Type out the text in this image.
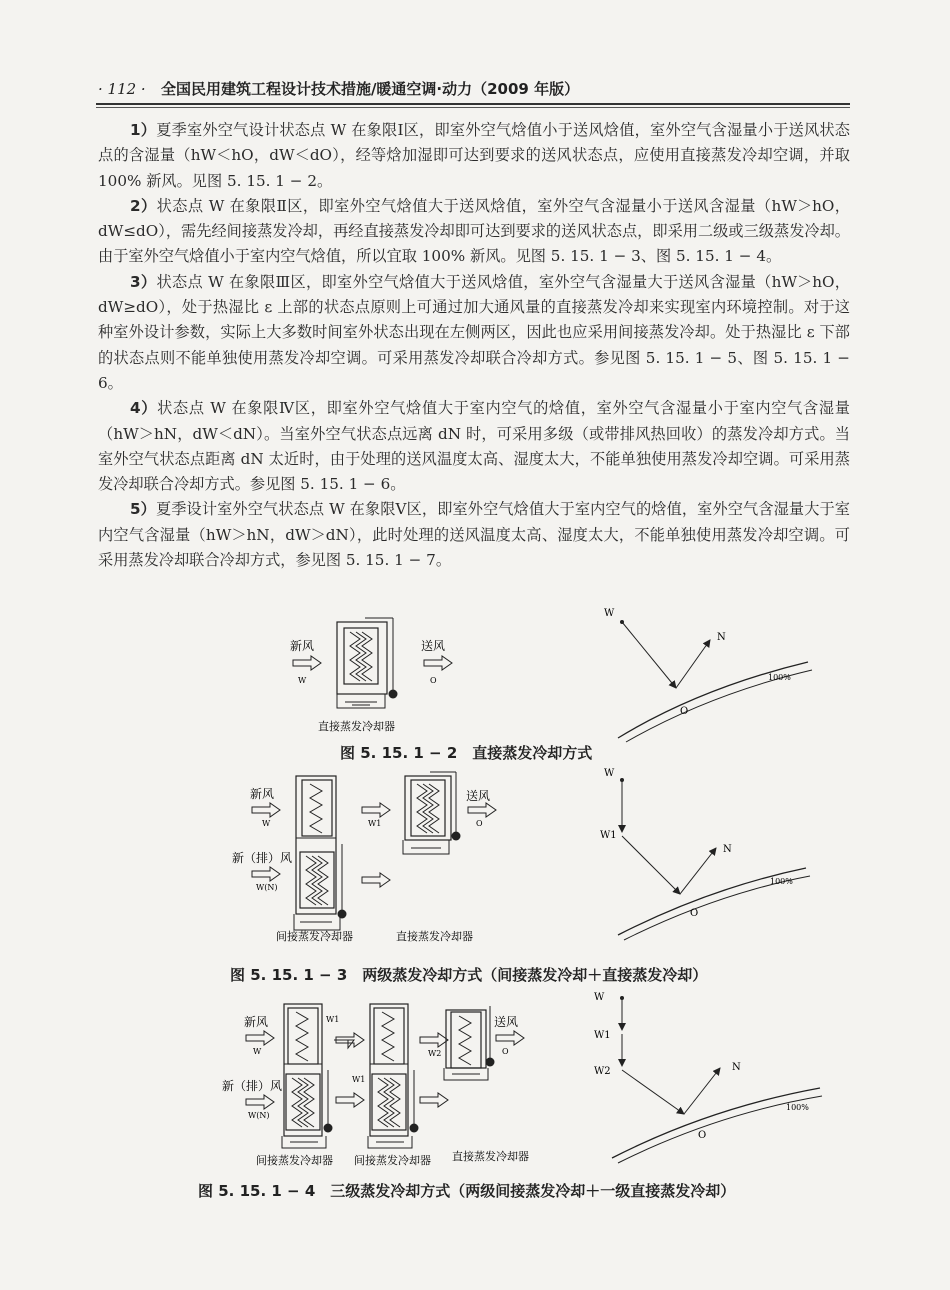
· 112 · 全国民用建筑工程设计技术措施/暖通空调·动力（2009 年版）

1）夏季室外空气设计状态点 W 在象限Ⅰ区，即室外空气焓值小于送风焓值，室外空气含湿量小于送风状态点的含湿量（hW＜hO，dW＜dO），经等焓加湿即可达到要求的送风状态点，应使用直接蒸发冷却空调，并取 100% 新风。见图 5. 15. 1 − 2。

2）状态点 W 在象限Ⅱ区，即室外空气焓值大于送风焓值，室外空气含湿量小于送风含湿量（hW＞hO，dW≤dO），需先经间接蒸发冷却，再经直接蒸发冷却即可达到要求的送风状态点，即采用二级或三级蒸发冷却。由于室外空气焓值小于室内空气焓值，所以宜取 100% 新风。见图 5. 15. 1 − 3、图 5. 15. 1 − 4。

3）状态点 W 在象限Ⅲ区，即室外空气焓值大于送风焓值，室外空气含湿量大于送风含湿量（hW＞hO，dW≥dO），处于热湿比 ε 上部的状态点原则上可通过加大通风量的直接蒸发冷却来实现室内环境控制。对于这种室外设计参数，实际上大多数时间室外状态出现在左侧两区，因此也应采用间接蒸发冷却。处于热湿比 ε 下部的状态点则不能单独使用蒸发冷却空调。可采用蒸发冷却联合冷却方式。参见图 5. 15. 1 − 5、图 5. 15. 1 − 6。

4）状态点 W 在象限Ⅳ区，即室外空气焓值大于室内空气的焓值，室外空气含湿量小于室内空气含湿量（hW＞hN，dW＜dN）。当室外空气状态点远离 dN 时，可采用多级（或带排风热回收）的蒸发冷却方式。当室外空气状态点距离 dN 太近时，由于处理的送风温度太高、湿度太大，不能单独使用蒸发冷却空调。可采用蒸发冷却联合冷却方式。参见图 5. 15. 1 − 6。

5）夏季设计室外空气状态点 W 在象限Ⅴ区，即室外空气焓值大于室内空气的焓值，室外空气含湿量大于室内空气含湿量（hW＞hN，dW＞dN），此时处理的送风温度太高、湿度太大，不能单独使用蒸发冷却空调。可采用蒸发冷却联合冷却方式，参见图 5. 15. 1 − 7。

新风
W
送风
O
直接蒸发冷却器
W
N
O
100%
新风
W	W1
新（排）风
W(N)
送风
O
间接蒸发冷却器	直接蒸发冷却器
W
W1
N
O
100%
新风
W
新（排）风
W(N)
W1
W1
W2
送风
O
间接蒸发冷却器 间接蒸发冷却器 直接蒸发冷却器
W
W1
W2	N
O
100%
图 5. 15. 1 − 2　直接蒸发冷却方式
图 5. 15. 1 − 3　两级蒸发冷却方式（间接蒸发冷却＋直接蒸发冷却）
图 5. 15. 1 − 4　三级蒸发冷却方式（两级间接蒸发冷却＋一级直接蒸发冷却）
